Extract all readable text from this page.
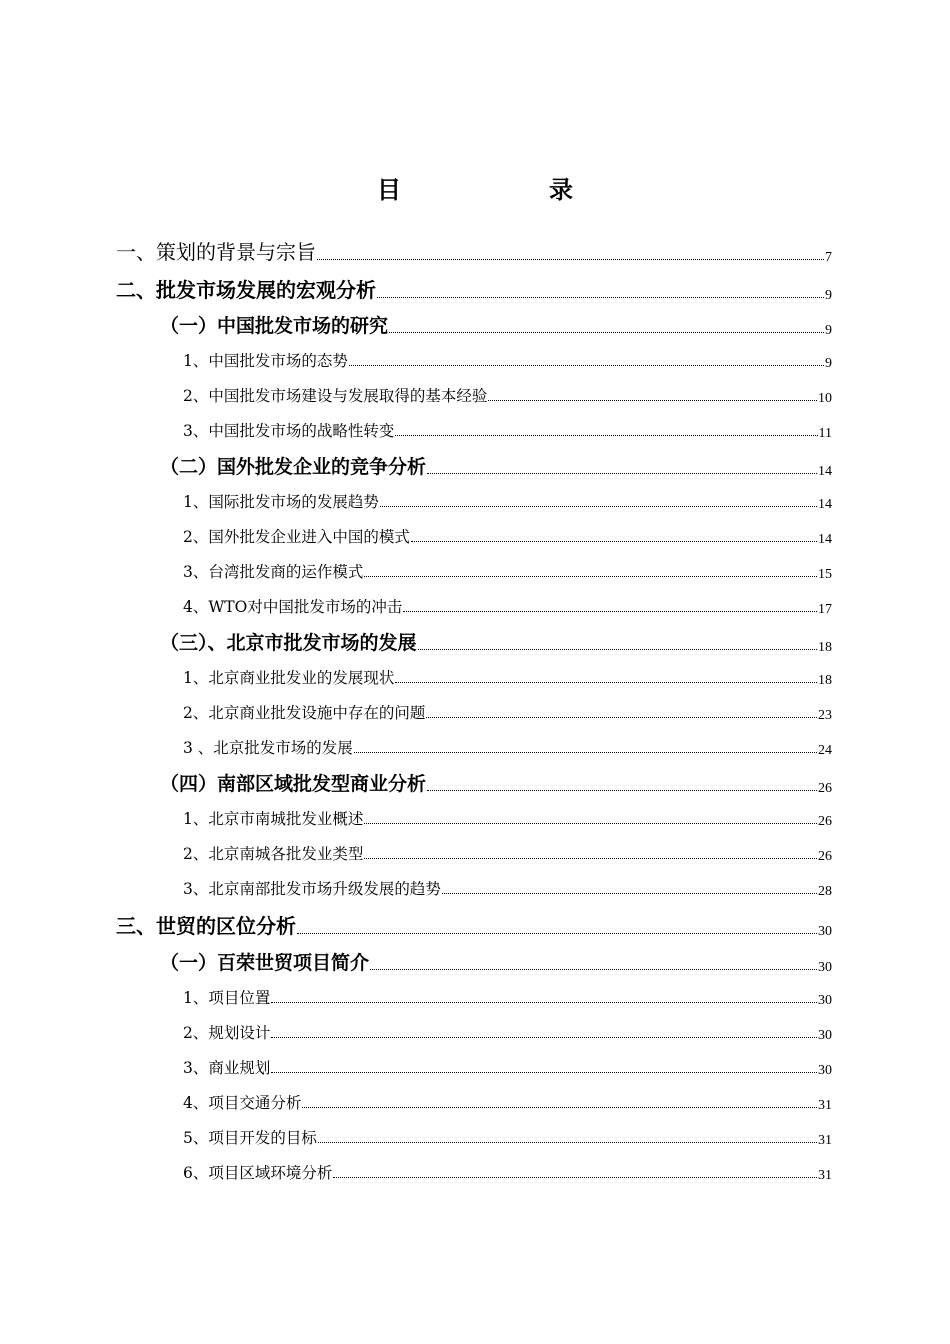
目　录
一、策划的背景与宗旨	7
二、批发市场发展的宏观分析	9
（一）中国批发市场的研究	9
1、中国批发市场的态势	9
2、中国批发市场建设与发展取得的基本经验	10
3、中国批发市场的战略性转变	11
（二）国外批发企业的竞争分析	14
1、国际批发市场的发展趋势	14
2、国外批发企业进入中国的模式	14
3、台湾批发商的运作模式	15
4、WTO对中国批发市场的冲击	17
（三）、北京市批发市场的发展	18
1、北京商业批发业的发展现状	18
2、北京商业批发设施中存在的问题	23
3 、北京批发市场的发展	24
（四）南部区域批发型商业分析	26
1、北京市南城批发业概述	26
2、北京南城各批发业类型	26
3、北京南部批发市场升级发展的趋势	28
三、世贸的区位分析	30
（一）百荣世贸项目简介	30
1、项目位置	30
2、规划设计	30
3、商业规划	30
4、项目交通分析	31
5、项目开发的目标	31
6、项目区域环境分析	31
